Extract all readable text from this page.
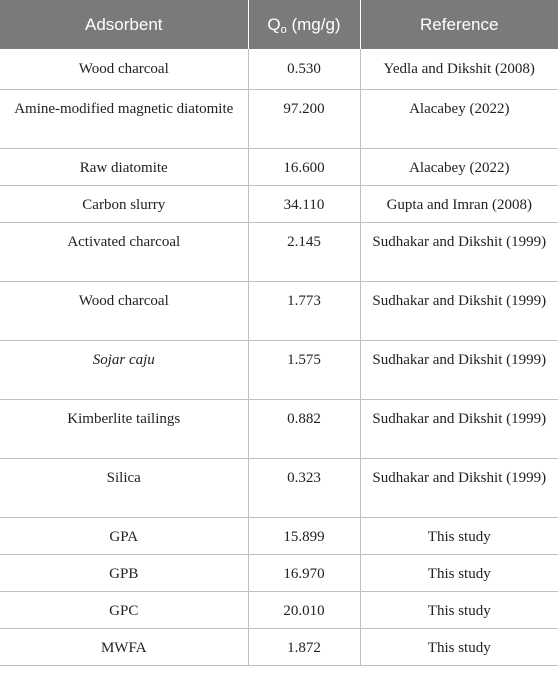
Adsorbent	$Q_o$ (mg/g)	Reference
Wood charcoal	0.530	Yedla and Dikshit (2008)
Amine-modified magnetic diatomite	97.200	Alacabey (2022)
Raw diatomite	16.600	Alacabey (2022)
Carbon slurry	34.110	Gupta and Imran (2008)
Activated charcoal	2.145	Sudhakar and Dikshit (1999)
Wood charcoal	1.773	Sudhakar and Dikshit (1999)
Sojar caju	1.575	Sudhakar and Dikshit (1999)
Kimberlite tailings	0.882	Sudhakar and Dikshit (1999)
Silica	0.323	Sudhakar and Dikshit (1999)
GPA	15.899	This study
GPB	16.970	This study
GPC	20.010	This study
MWFA	1.872	This study
